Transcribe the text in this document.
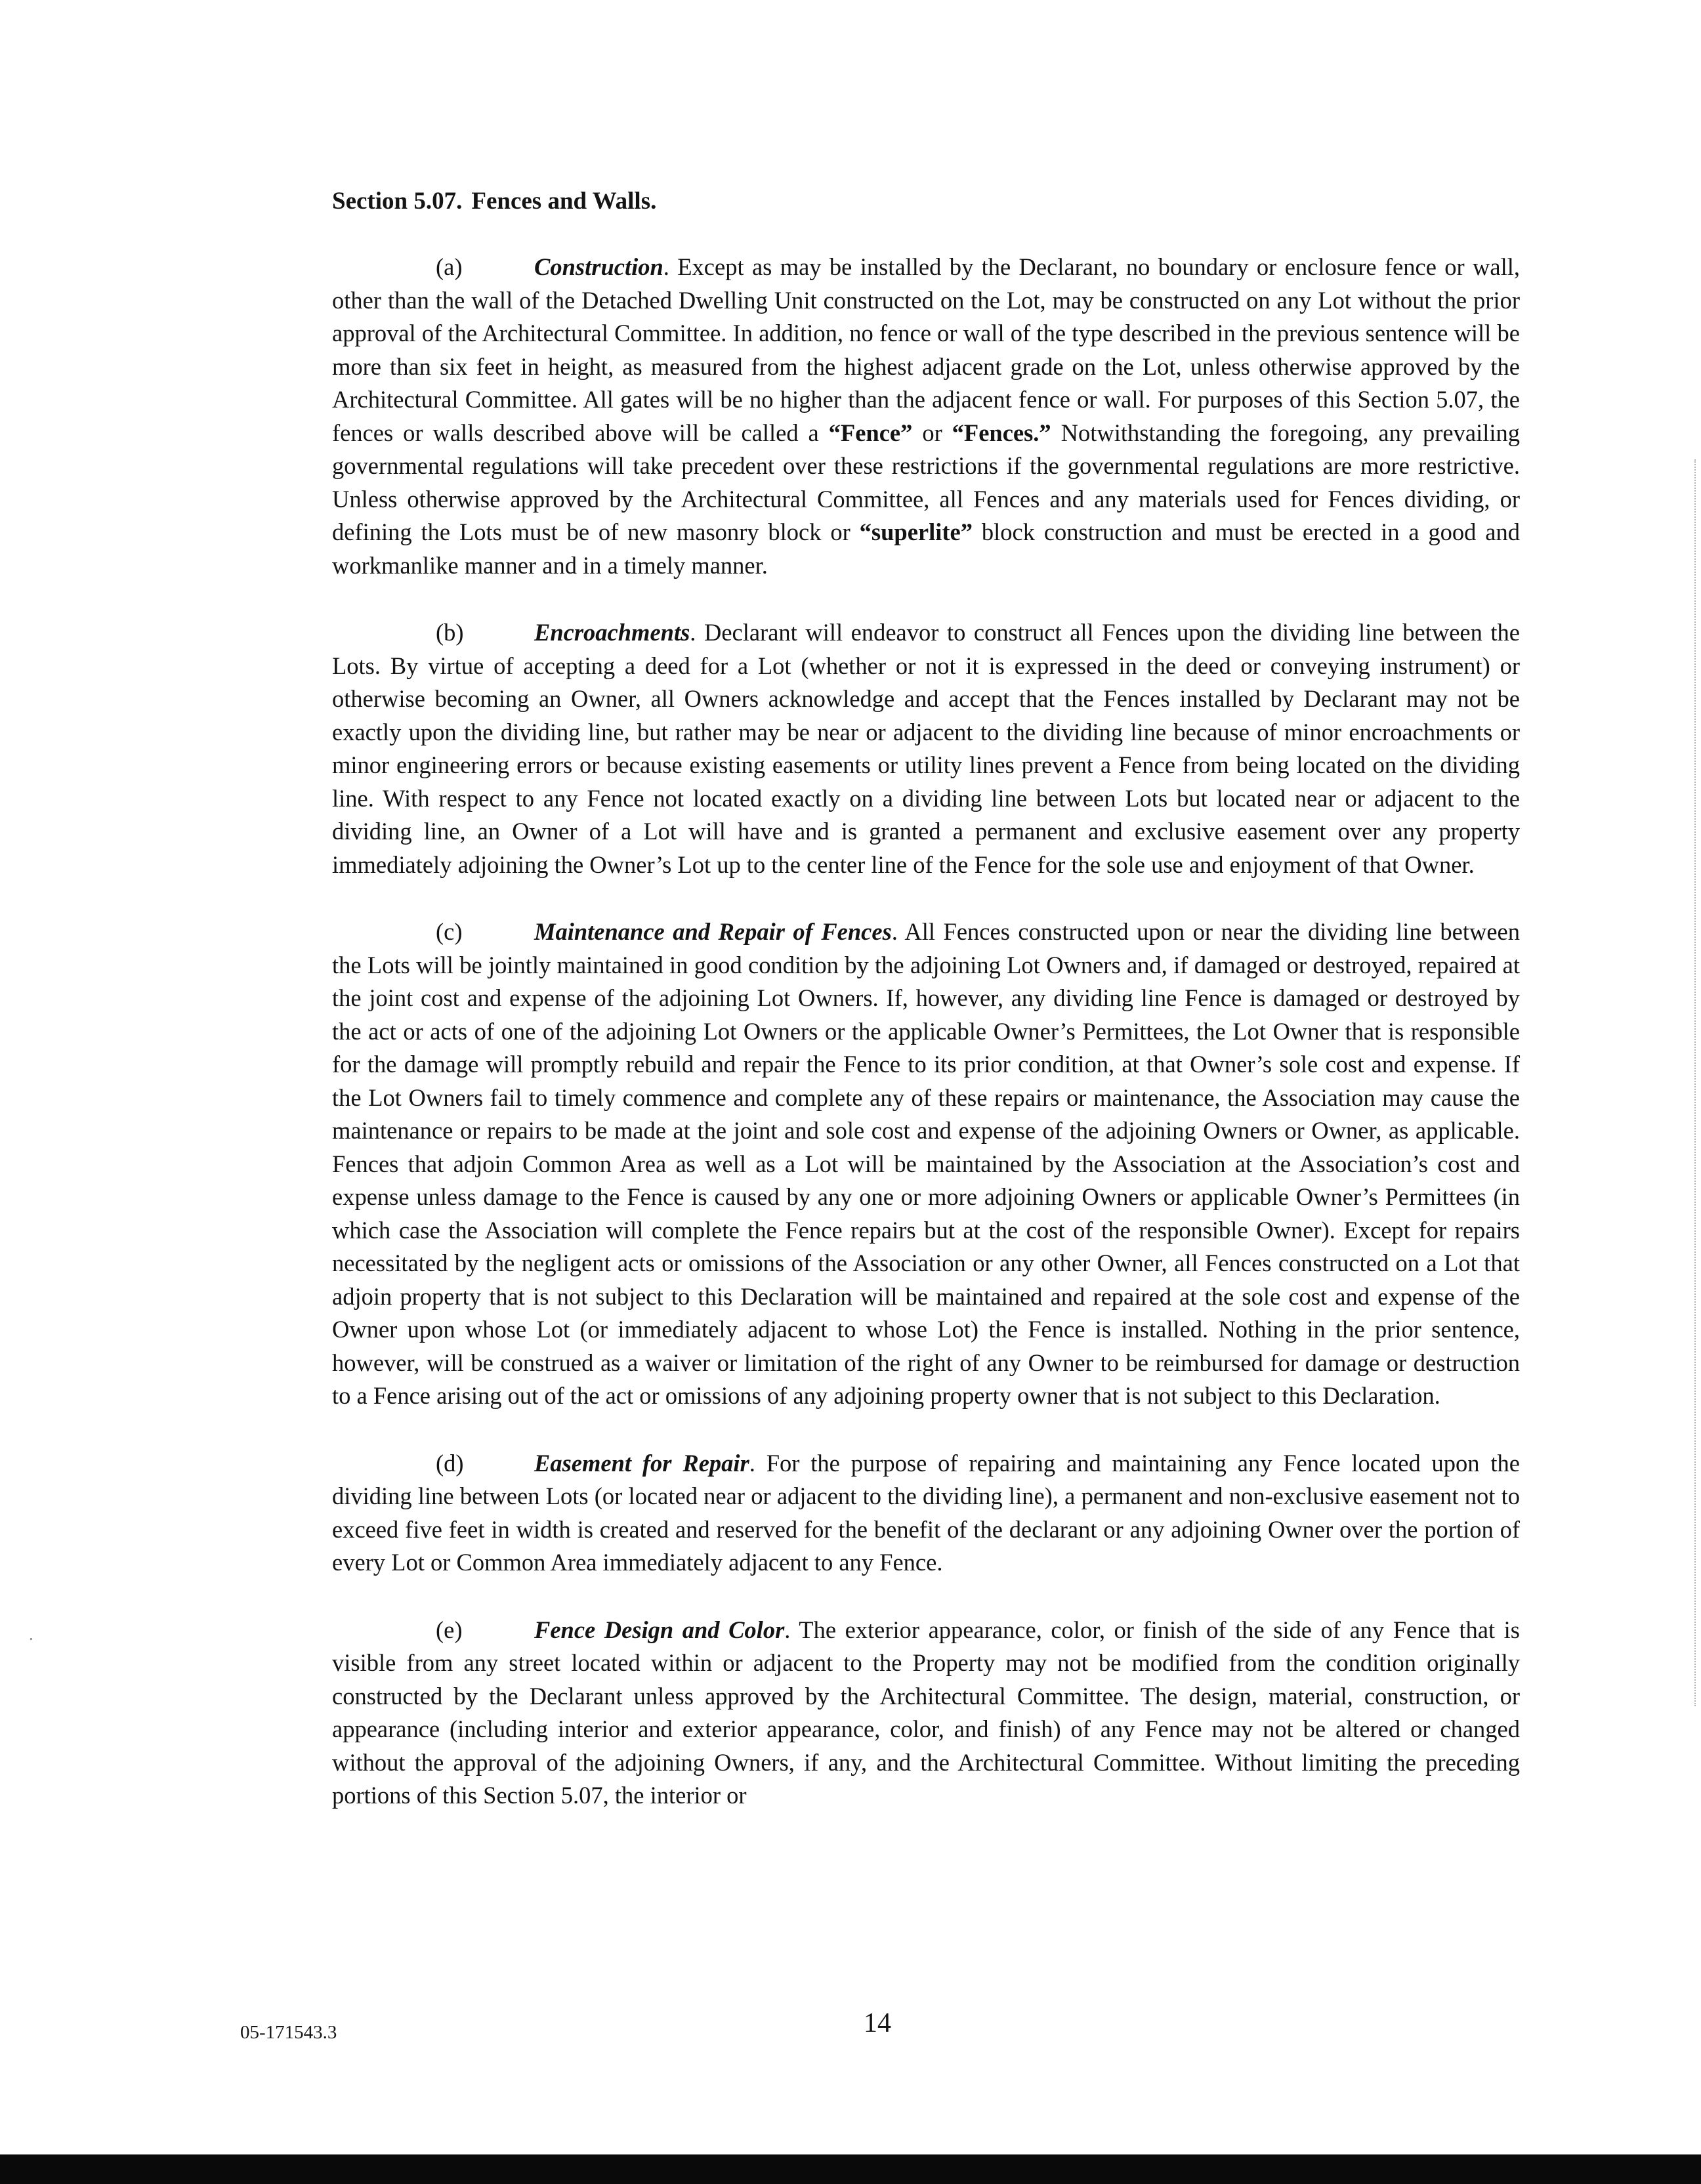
Section 5.07. Fences and Walls.

(a)	Construction. Except as may be installed by the Declarant, no boundary or enclosure fence or wall, other than the wall of the Detached Dwelling Unit constructed on the Lot, may be constructed on any Lot without the prior approval of the Architectural Committee. In addition, no fence or wall of the type described in the previous sentence will be more than six feet in height, as measured from the highest adjacent grade on the Lot, unless otherwise approved by the Architectural Committee. All gates will be no higher than the adjacent fence or wall. For purposes of this Section 5.07, the fences or walls described above will be called a “Fence” or “Fences.” Notwithstanding the foregoing, any prevailing governmental regulations will take precedent over these restrictions if the governmental regulations are more restrictive. Unless otherwise approved by the Architectural Committee, all Fences and any materials used for Fences dividing, or defining the Lots must be of new masonry block or “superlite” block construction and must be erected in a good and workmanlike manner and in a timely manner.

(b)	Encroachments. Declarant will endeavor to construct all Fences upon the dividing line between the Lots. By virtue of accepting a deed for a Lot (whether or not it is expressed in the deed or conveying instrument) or otherwise becoming an Owner, all Owners acknowledge and accept that the Fences installed by Declarant may not be exactly upon the dividing line, but rather may be near or adjacent to the dividing line because of minor encroachments or minor engineering errors or because existing easements or utility lines prevent a Fence from being located on the dividing line. With respect to any Fence not located exactly on a dividing line between Lots but located near or adjacent to the dividing line, an Owner of a Lot will have and is granted a permanent and exclusive easement over any property immediately adjoining the Owner’s Lot up to the center line of the Fence for the sole use and enjoyment of that Owner.

(c)	Maintenance and Repair of Fences. All Fences constructed upon or near the dividing line between the Lots will be jointly maintained in good condition by the adjoining Lot Owners and, if damaged or destroyed, repaired at the joint cost and expense of the adjoining Lot Owners. If, however, any dividing line Fence is damaged or destroyed by the act or acts of one of the adjoining Lot Owners or the applicable Owner’s Permittees, the Lot Owner that is responsible for the damage will promptly rebuild and repair the Fence to its prior condition, at that Owner’s sole cost and expense. If the Lot Owners fail to timely commence and complete any of these repairs or maintenance, the Association may cause the maintenance or repairs to be made at the joint and sole cost and expense of the adjoining Owners or Owner, as applicable. Fences that adjoin Common Area as well as a Lot will be maintained by the Association at the Association’s cost and expense unless damage to the Fence is caused by any one or more adjoining Owners or applicable Owner’s Permittees (in which case the Association will complete the Fence repairs but at the cost of the responsible Owner). Except for repairs necessitated by the negligent acts or omissions of the Association or any other Owner, all Fences constructed on a Lot that adjoin property that is not subject to this Declaration will be maintained and repaired at the sole cost and expense of the Owner upon whose Lot (or immediately adjacent to whose Lot) the Fence is installed. Nothing in the prior sentence, however, will be construed as a waiver or limitation of the right of any Owner to be reimbursed for damage or destruction to a Fence arising out of the act or omissions of any adjoining property owner that is not subject to this Declaration.

(d)	Easement for Repair. For the purpose of repairing and maintaining any Fence located upon the dividing line between Lots (or located near or adjacent to the dividing line), a permanent and non-exclusive easement not to exceed five feet in width is created and reserved for the benefit of the declarant or any adjoining Owner over the portion of every Lot or Common Area immediately adjacent to any Fence.

(e)	Fence Design and Color. The exterior appearance, color, or finish of the side of any Fence that is visible from any street located within or adjacent to the Property may not be modified from the condition originally constructed by the Declarant unless approved by the Architectural Committee. The design, material, construction, or appearance (including interior and exterior appearance, color, and finish) of any Fence may not be altered or changed without the approval of the adjoining Owners, if any, and the Architectural Committee. Without limiting the preceding portions of this Section 5.07, the interior or

05-171543.3	14
